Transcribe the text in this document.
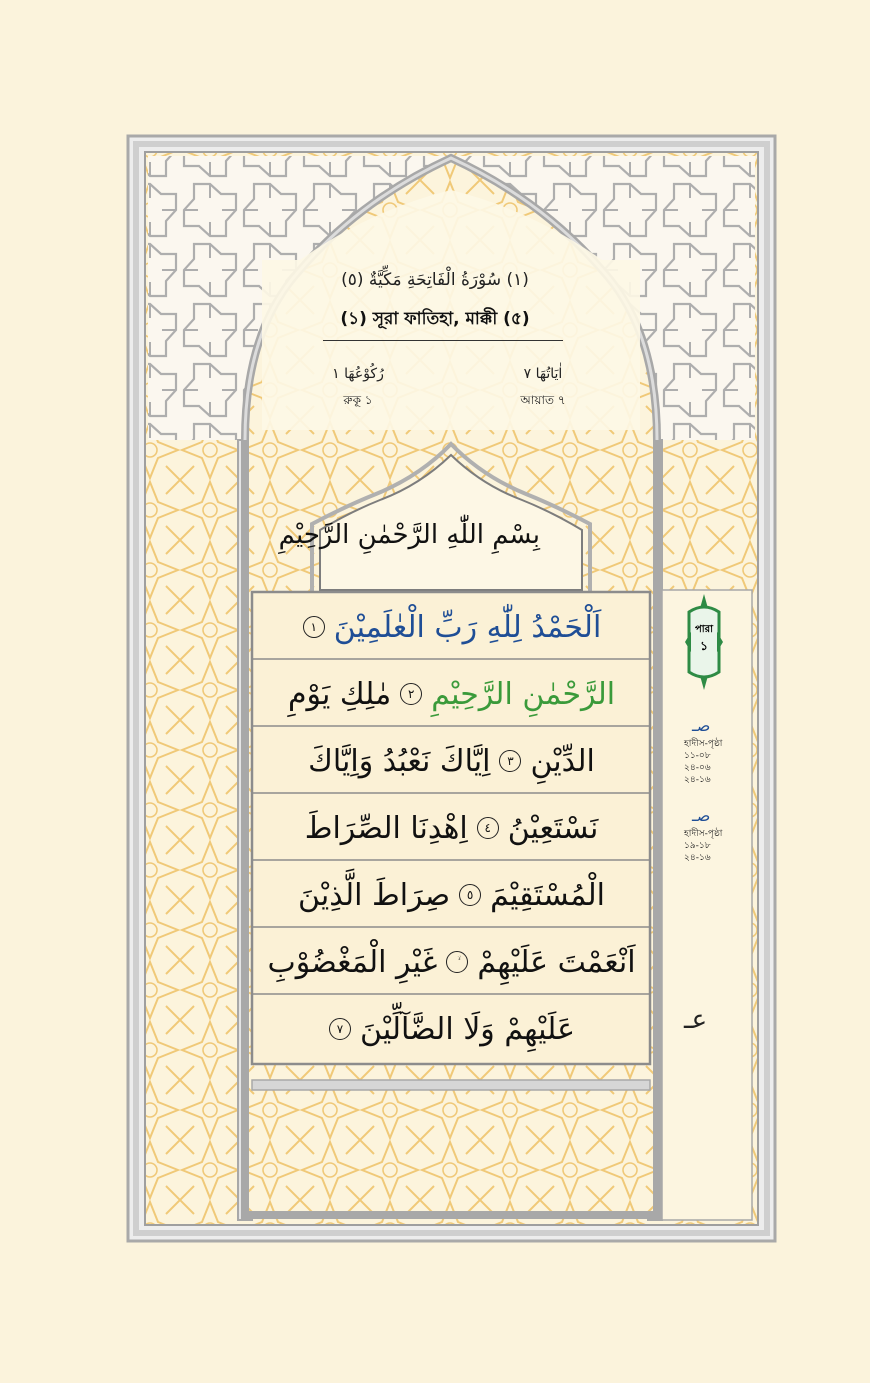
(١) سُوْرَةُ الْفَاتِحَةِ مَكِّيَّةٌ (٥)
(১) সূরা ফাতিহা, মাক্কী (৫)
اٰيَاتُهَا ٧
আয়াত ৭
رُكُوْعُهَا ١
রুকূ ১
بِسْمِ اللّٰهِ الرَّحْمٰنِ الرَّحِيْمِ
اَلْحَمْدُ لِلّٰهِ رَبِّ الْعٰلَمِيْنَ
١
الرَّحْمٰنِ الرَّحِيْمِ
٢
مٰلِكِ يَوْمِ
الدِّيْنِ
٣
اِيَّاكَ نَعْبُدُ وَاِيَّاكَ
نَسْتَعِيْنُ
٤
اِهْدِنَا الصِّرَاطَ
الْمُسْتَقِيْمَ
٥
صِرَاطَ الَّذِيْنَ
اَنْعَمْتَ عَلَيْهِمْ
غَيْرِ الْمَغْضُوْبِ
عَلَيْهِمْ وَلَا الضَّآلِّيْنَ
٧
পারা
১
صـ
হাদীস-পৃষ্ঠা
১১-০৮
২৪-০৬
২৪-১৬
صـ
হাদীস-পৃষ্ঠা
১৯-১৮
২৪-১৬
عـ
